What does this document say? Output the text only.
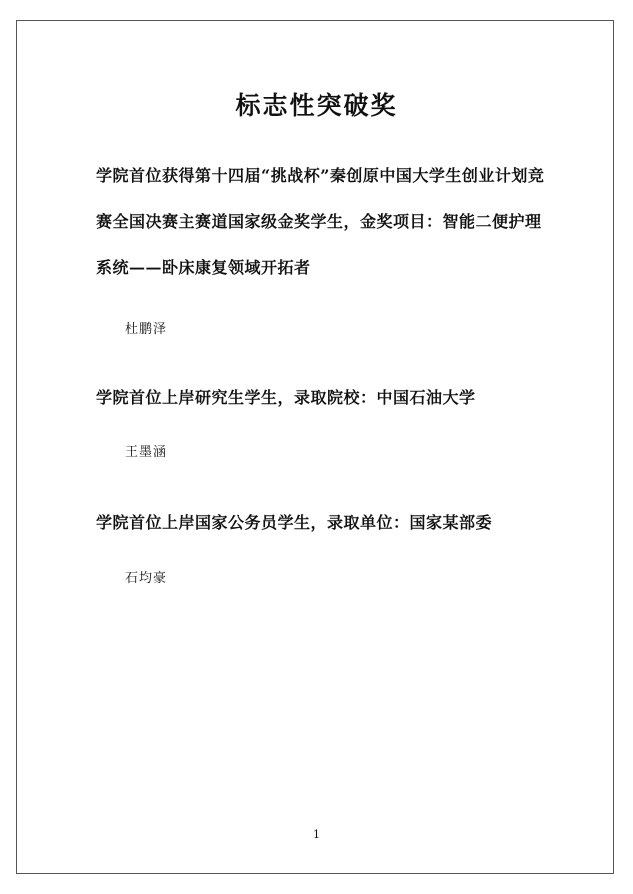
标志性突破奖

学院首位获得第十四届“挑战杯”秦创原中国大学生创业计划竞赛全国决赛主赛道国家级金奖学生，金奖项目：智能二便护理系统——卧床康复领域开拓者

杜鹏泽

学院首位上岸研究生学生，录取院校：中国石油大学

王墨涵

学院首位上岸国家公务员学生，录取单位：国家某部委

石均豪

1
